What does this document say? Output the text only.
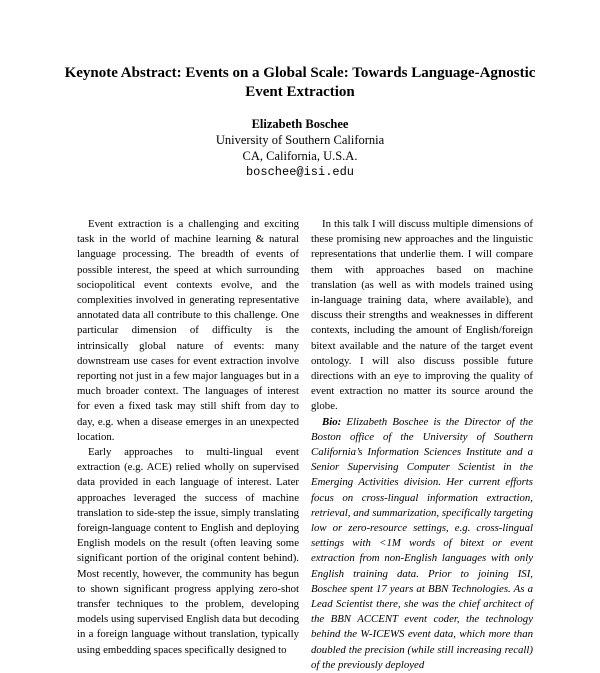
Keynote Abstract: Events on a Global Scale: Towards Language-Agnostic Event Extraction
Elizabeth Boschee
University of Southern California
CA, California, U.S.A.
boschee@isi.edu

Event extraction is a challenging and exciting task in the world of machine learning & natural language processing. The breadth of events of possible interest, the speed at which surrounding sociopolitical event contexts evolve, and the complexities involved in generating representative annotated data all contribute to this challenge. One particular dimension of difficulty is the intrinsically global nature of events: many downstream use cases for event extraction involve reporting not just in a few major languages but in a much broader context. The languages of interest for even a fixed task may still shift from day to day, e.g. when a disease emerges in an unexpected location.

Early approaches to multi-lingual event extraction (e.g. ACE) relied wholly on supervised data provided in each language of interest. Later approaches leveraged the success of machine translation to side-step the issue, simply translating foreign-language content to English and deploying English models on the result (often leaving some significant portion of the original content behind). Most recently, however, the community has begun to shown significant progress applying zero-shot transfer techniques to the problem, developing models using supervised English data but decoding in a foreign language without translation, typically using embedding spaces specifically designed to

In this talk I will discuss multiple dimensions of these promising new approaches and the linguistic representations that underlie them. I will compare them with approaches based on machine translation (as well as with models trained using in-language training data, where available), and discuss their strengths and weaknesses in different contexts, including the amount of English/foreign bitext available and the nature of the target event ontology. I will also discuss possible future directions with an eye to improving the quality of event extraction no matter its source around the globe.

Bio: Elizabeth Boschee is the Director of the Boston office of the University of Southern California’s Information Sciences Institute and a Senior Supervising Computer Scientist in the Emerging Activities division. Her current efforts focus on cross-lingual information extraction, retrieval, and summarization, specifically targeting low or zero-resource settings, e.g. cross-lingual settings with <1M words of bitext or event extraction from non-English languages with only English training data. Prior to joining ISI, Boschee spent 17 years at BBN Technologies. As a Lead Scientist there, she was the chief architect of the BBN ACCENT event coder, the technology behind the W-ICEWS event data, which more than doubled the precision (while still increasing recall) of the previously deployed
